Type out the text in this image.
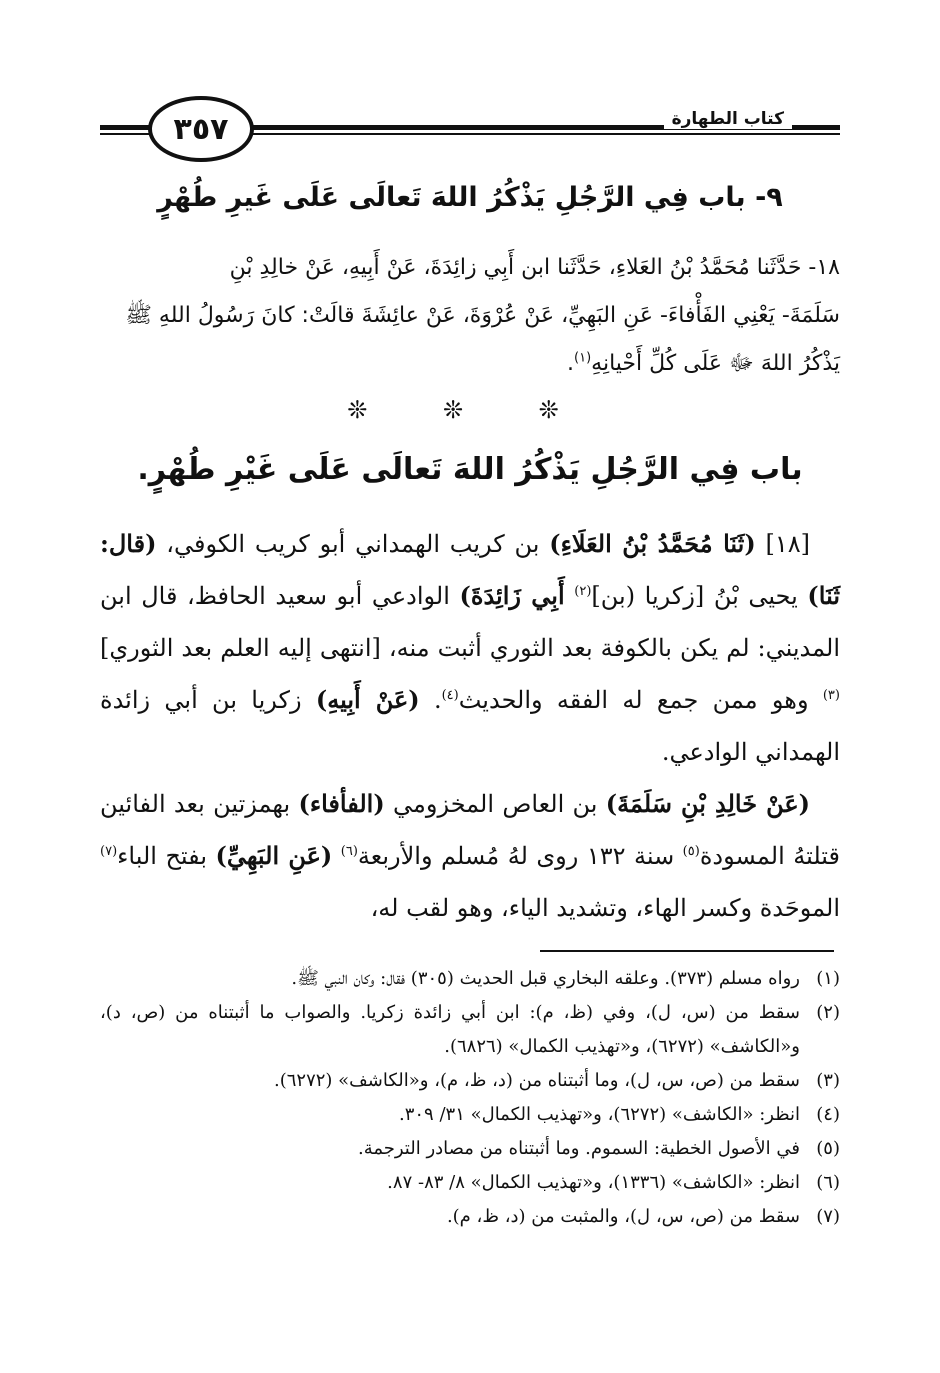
٣٥٧	كتاب الطهارة
٩- باب فِي الرَّجُلِ يَذْكُرُ اللهَ تَعالَى عَلَى غَيرِ طُهْرٍ
١٨- حَدَّثَنا مُحَمَّدُ بْنُ العَلاءِ، حَدَّثَنا ابن أَبِي زائِدَةَ، عَنْ أَبِيهِ، عَنْ خالِدِ بْنِ
سَلَمَةَ- يَعْنِي الفَأْفاءَ- عَنِ البَهِيِّ، عَنْ عُرْوَةَ، عَنْ عائِشَةَ قالَتْ: كانَ رَسُولُ اللهِ ﷺ
يَذْكُرُ اللهَ ﷻ عَلَى كُلِّ أَحْيانِهِ$^{(١)}$.
❊ ❊ ❊
باب فِي الرَّجُلِ يَذْكُرُ اللهَ تَعالَى عَلَى غَيْرِ طُهْرٍ.

[١٨] (ثَنَا مُحَمَّدُ بْنُ العَلَاءِ) بن كريب الهمداني أبو كريب الكوفي، (قال: ثَنَا) يحيى بْنُ [زكريا (بن]$^{(٢)}$ أَبِي زَائِدَةَ) الوادعي أبو سعيد الحافظ، قال ابن المديني: لم يكن بالكوفة بعد الثوري أثبت منه، [انتهى إليه العلم بعد الثوري]$^{(٣)}$ وهو ممن جمع له الفقه والحديث$^{(٤)}$. (عَنْ أَبِيهِ) زكريا بن أبي زائدة الهمداني الوادعي.

(عَنْ خَالِدِ بْنِ سَلَمَةَ) بن العاص المخزومي (الفأفاء) بهمزتين بعد الفائين قتلتهُ المسودة$^{(٥)}$ سنة ١٣٢ روى لهُ مُسلم والأربعة$^{(٦)}$ (عَنِ البَهِيِّ) بفتح الباء$^{(٧)}$ الموحَدة وكسر الهاء، وتشديد الياء، وهو لقب له،

(١)
رواه مسلم (٣٧٣). وعلقه البخاري قبل الحديث (٣٠٥) فقال: وكان النبي ﷺ.
(٢)
سقط من (س، ل)، وفي (ظ، م): ابن أبي زائدة زكريا. والصواب ما أثبتناه من (ص، د)، و«الكاشف» (٦٢٧٢)، و«تهذيب الكمال» (٦٨٢٦).
(٣)
سقط من (ص، س، ل)، وما أثبتناه من (د، ظ، م)، و«الكاشف» (٦٢٧٢).
(٤)
انظر: «الكاشف» (٦٢٧٢)، و«تهذيب الكمال» ٣١/ ٣٠٩.
(٥)
في الأصول الخطية: السموم. وما أثبتناه من مصادر الترجمة.
(٦)
انظر: «الكاشف» (١٣٣٦)، و«تهذيب الكمال» ٨/ ٨٣- ٨٧.
(٧)
سقط من (ص، س، ل)، والمثبت من (د، ظ، م).
